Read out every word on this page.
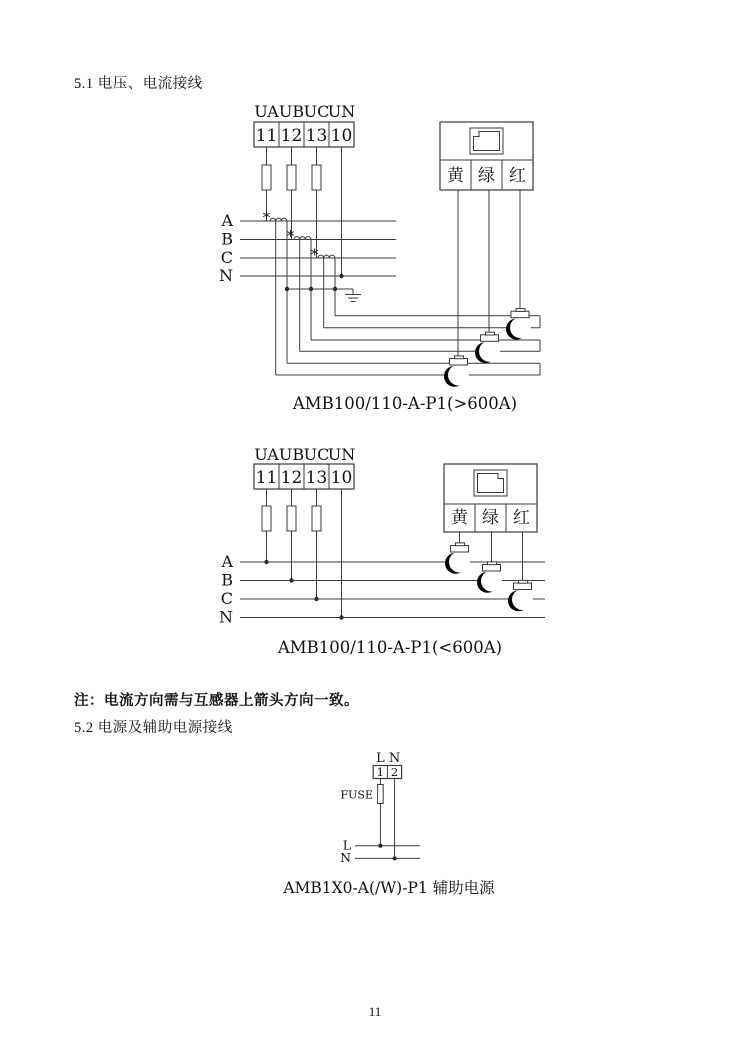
5.1 电压、电流接线
UA UB UC
UN
11 12 13 10
A
B
C
N
*
*
*
黄 绿 红
AMB100/110-A-P1(>600A)
UA UB UC
UN
11 12 13 10
A
B
C
N
黄 绿 红
AMB100/110-A-P1(<600A)
注：电流方向需与互感器上箭头方向一致。
5.2 电源及辅助电源接线
L N
1 2
FUSE
L
N
AMB1X0-A(/W)-P1 辅助电源
11
